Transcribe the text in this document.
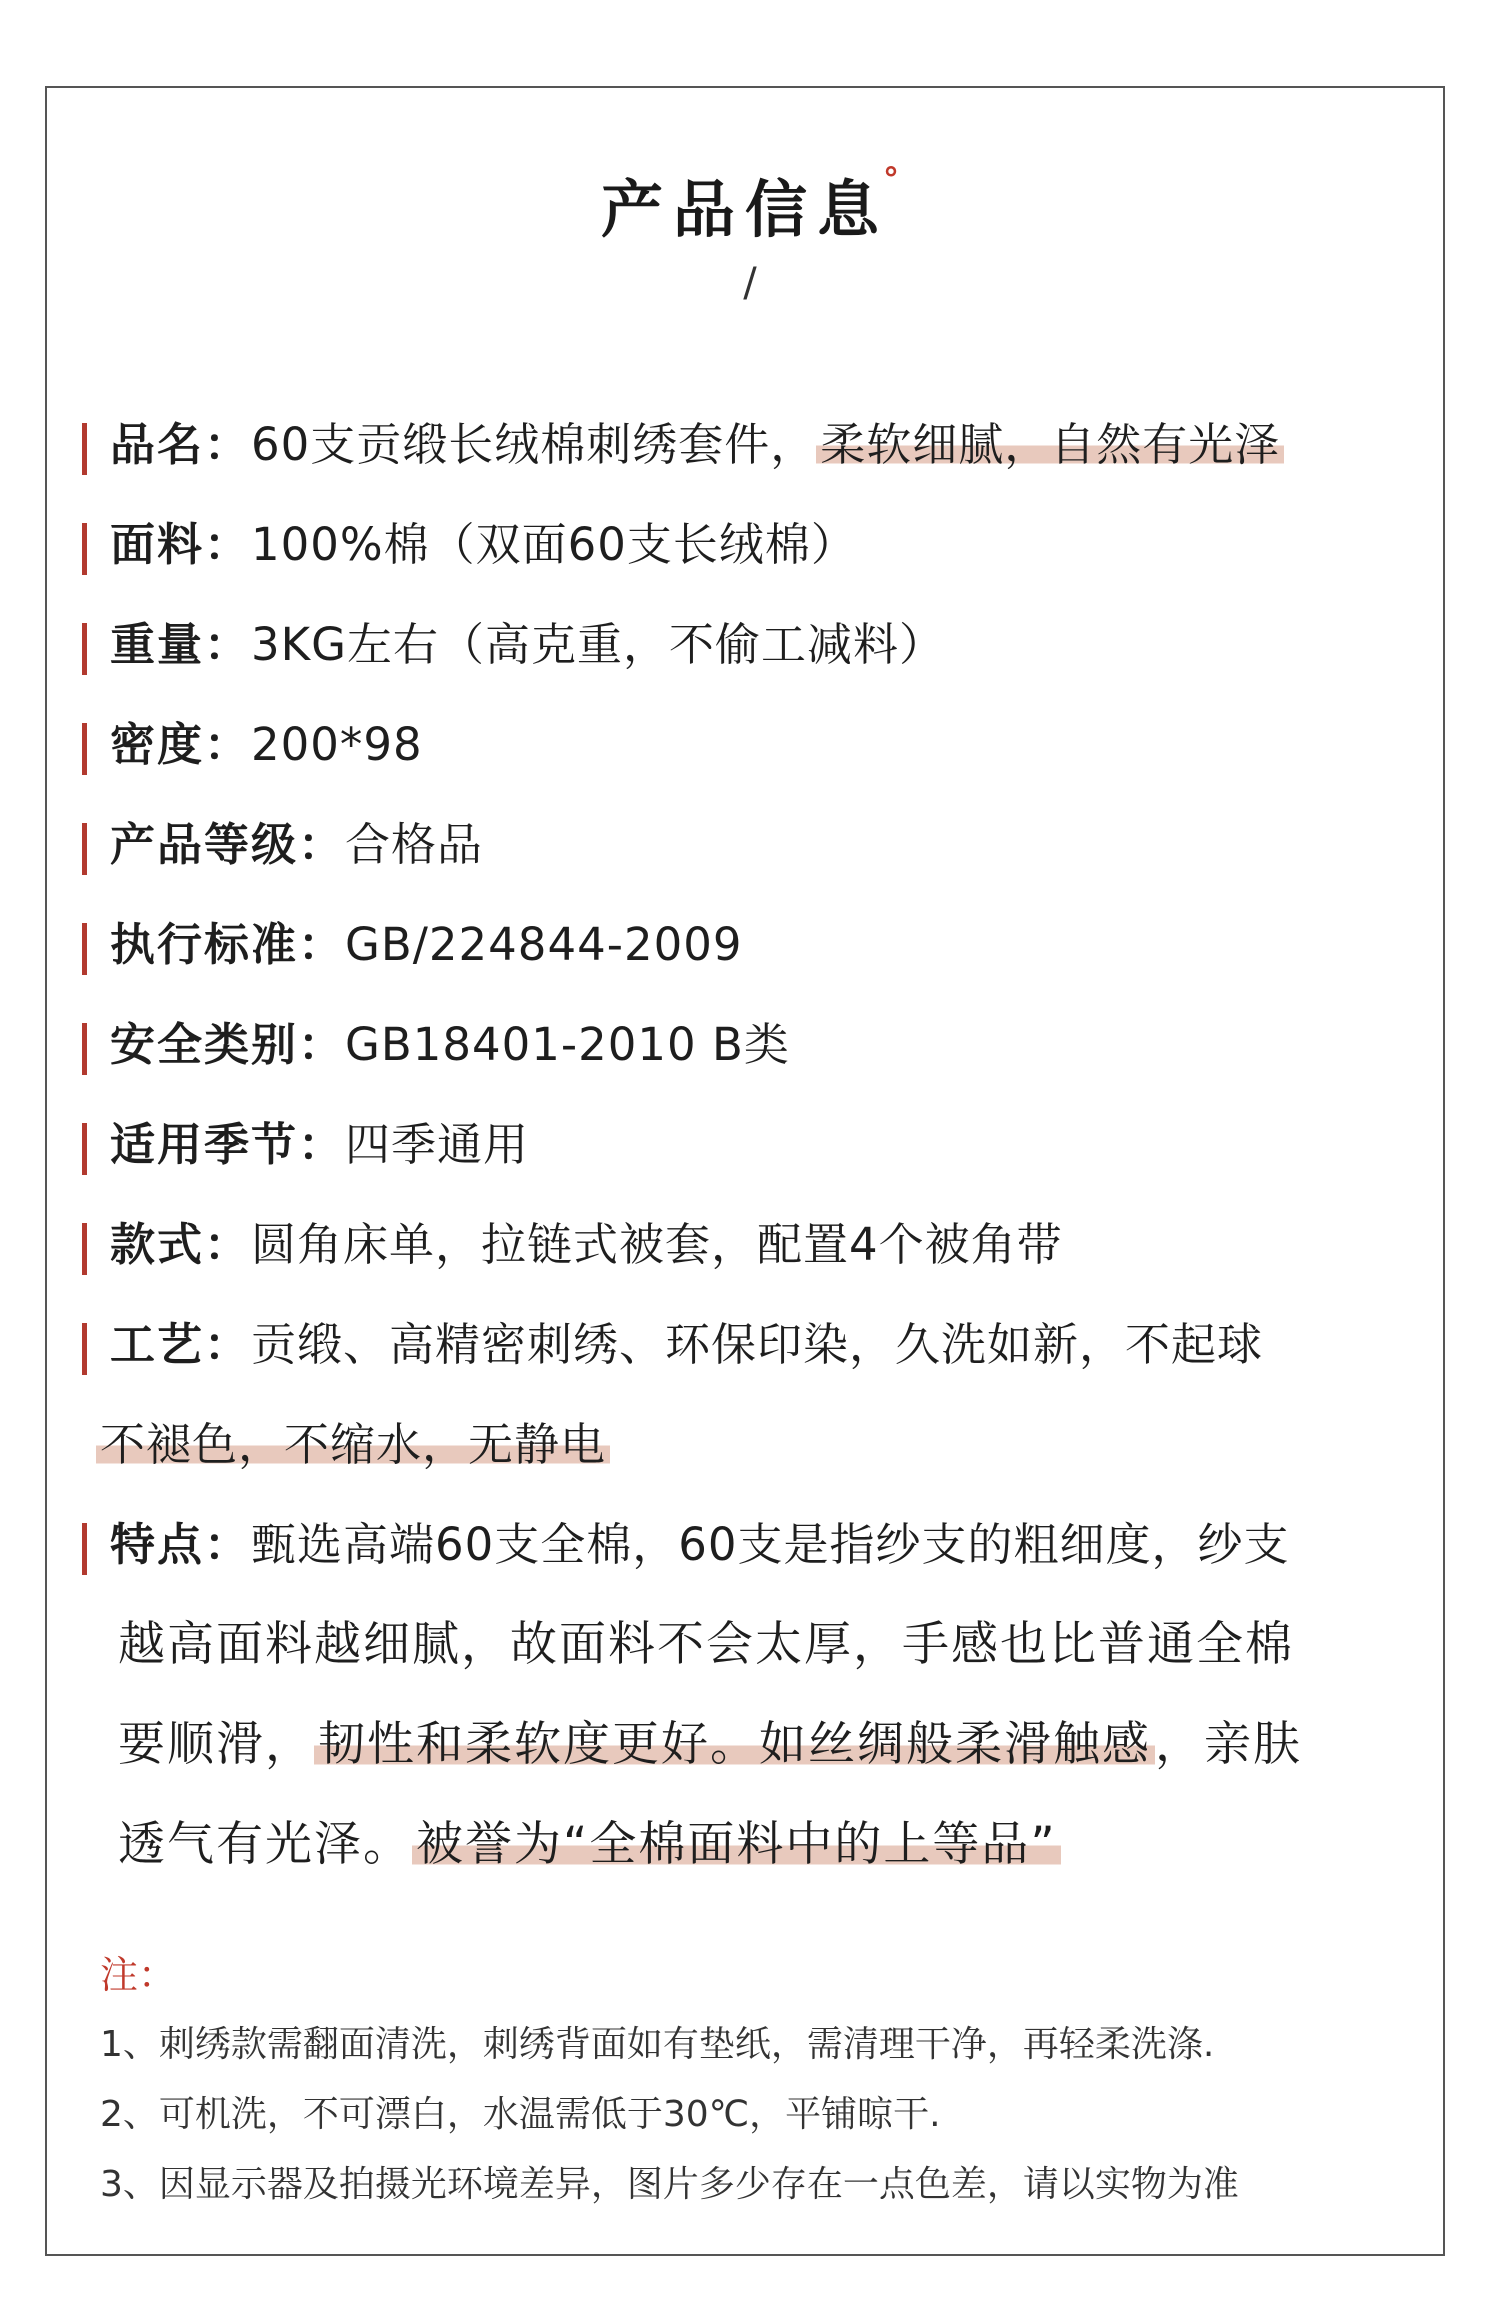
产品信息°
/
品名：60支贡缎长绒棉刺绣套件，柔软细腻，自然有光泽
面料：100%棉（双面60支长绒棉）
重量：3KG左右（高克重，不偷工减料）
密度：200*98
产品等级：合格品
执行标准：GB/224844-2009
安全类别：GB18401-2010 B类
适用季节：四季通用
款式：圆角床单，拉链式被套，配置4个被角带
工艺：贡缎、高精密刺绣、环保印染，久洗如新，不起球
不褪色，不缩水，无静电
特点：甄选高端60支全棉，60支是指纱支的粗细度，纱支
越高面料越细腻，故面料不会太厚，手感也比普通全棉
要顺滑，韧性和柔软度更好。如丝绸般柔滑触感，亲肤
透气有光泽。被誉为“全棉面料中的上等品”
注：
1、刺绣款需翻面清洗，刺绣背面如有垫纸，需清理干净，再轻柔洗涤.
2、可机洗，不可漂白，水温需低于30℃，平铺晾干.
3、因显示器及拍摄光环境差异，图片多少存在一点色差，请以实物为准
